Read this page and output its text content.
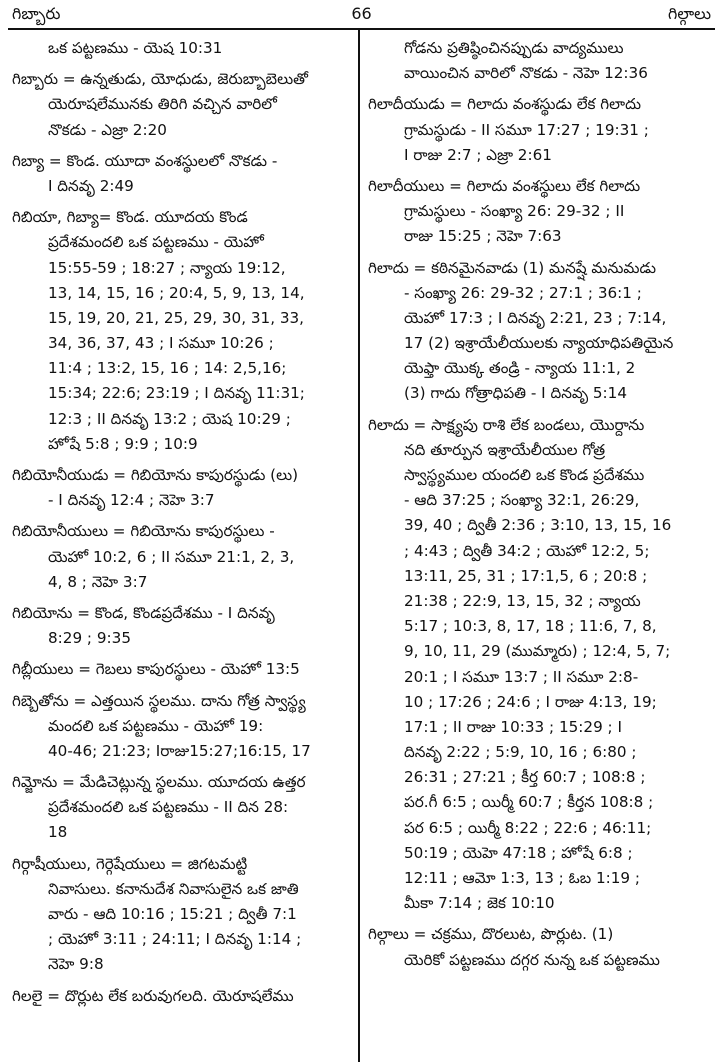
గిబ్బారు	66	గిల్గాలు
ఒక పట్టణము - యెష 10:31
గిబ్బారు = ఉన్నతుడు, యోధుడు, జెరుబ్బాబెలుతో
యెరూషలేమునకు తిరిగి వచ్చిన వారిలో
నొకడు - ఎజ్రా 2:20
గిబ్యా = కొండ. యూదా వంశస్థులలో నొకడు -
I దినవృ 2:49
గిబియా, గిబ్యా= కొండ. యూదయ కొండ
ప్రదేశమందలి ఒక పట్టణము - యెహో
15:55-59 ; 18:27 ; న్యాయ 19:12,
13, 14, 15, 16 ; 20:4, 5, 9, 13, 14,
15, 19, 20, 21, 25, 29, 30, 31, 33,
34, 36, 37, 43 ; I సమూ 10:26 ;
11:4 ; 13:2, 15, 16 ; 14: 2,5,16;
15:34; 22:6; 23:19 ; I దినవృ 11:31;
12:3 ; II దినవృ 13:2 ; యెష 10:29 ;
హోషే 5:8 ; 9:9 ; 10:9
గిబియోనీయుడు = గిబియోను కాపురస్థుడు (లు)
- I దినవృ 12:4 ; నెహె 3:7
గిబియోనీయులు = గిబియోను కాపురస్థులు -
యెహో 10:2, 6 ; II సమూ 21:1, 2, 3,
4, 8 ; నెహె 3:7
గిబియోను = కొండ, కొండప్రదేశము - I దినవృ
8:29 ; 9:35
గిబ్లీయులు = గెబలు కాపురస్థులు - యెహో 13:5
గిబ్బెతోను = ఎత్తయిన స్థలము. దాను గోత్ర స్వాస్థ్య
మందలి ఒక పట్టణము - యెహో 19:
40-46; 21:23; Iరాజు15:27;16:15, 17
గిమ్జోను = మేడిచెట్లున్న స్థలము. యూదయ ఉత్తర
ప్రదేశమందలి ఒక పట్టణము - II దిన 28:
18
గిర్గాషీయులు, గెర్గెషేయులు = జిగటమట్టి
నివాసులు. కనానుదేశ నివాసులైన ఒక జాతి
వారు - ఆది 10:16 ; 15:21 ; ద్వితీ 7:1
; యెహో 3:11 ; 24:11; I దినవృ 1:14 ;
నెహె 9:8
గిలలై = దొర్లుట లేక బరువుగలది. యెరూషలేము
గోడను ప్రతిష్ఠించినప్పుడు వాద్యములు
వాయించిన వారిలో నొకడు - నెహె 12:36
గిలాదీయుడు = గిలాదు వంశస్థుడు లేక గిలాదు
గ్రామస్థుడు - II సమూ 17:27 ; 19:31 ;
I రాజు 2:7 ; ఎజ్రా 2:61
గిలాదీయులు = గిలాదు వంశస్థులు లేక గిలాదు
గ్రామస్థులు - సంఖ్యా 26: 29-32 ; II
రాజు 15:25 ; నెహె 7:63
గిలాదు = కఠినమైనవాడు (1) మనష్షే మనుమడు
- సంఖ్యా 26: 29-32 ; 27:1 ; 36:1 ;
యెహో 17:3 ; I దినవృ 2:21, 23 ; 7:14,
17 (2) ఇశ్రాయేలీయులకు న్యాయాధిపతియైన
యెఫ్తా యొక్క తండ్రి - న్యాయ 11:1, 2
(3) గాదు గోత్రాధిపతి - I దినవృ 5:14
గిలాదు = సాక్ష్యపు రాశి లేక బండలు, యొర్దాను
నది తూర్పున ఇశ్రాయేలీయుల గోత్ర
స్వాస్థ్యముల యందలి ఒక కొండ ప్రదేశము
- ఆది 37:25 ; సంఖ్యా 32:1, 26:29,
39, 40 ; ద్వితీ 2:36 ; 3:10, 13, 15, 16
; 4:43 ; ద్వితీ 34:2 ; యెహో 12:2, 5;
13:11, 25, 31 ; 17:1,5, 6 ; 20:8 ;
21:38 ; 22:9, 13, 15, 32 ; న్యాయ
5:17 ; 10:3, 8, 17, 18 ; 11:6, 7, 8,
9, 10, 11, 29 (ముమ్మారు) ; 12:4, 5, 7;
20:1 ; I సమూ 13:7 ; II సమూ 2:8-
10 ; 17:26 ; 24:6 ; I రాజు 4:13, 19;
17:1 ; II రాజు 10:33 ; 15:29 ; I
దినవృ 2:22 ; 5:9, 10, 16 ; 6:80 ;
26:31 ; 27:21 ; కీర్త 60:7 ; 108:8 ;
పర.గీ 6:5 ; యిర్మీ 60:7 ; కీర్తన 108:8 ;
పర 6:5 ; యిర్మీ 8:22 ; 22:6 ; 46:11;
50:19 ; యెహె 47:18 ; హోషే 6:8 ;
12:11 ; ఆమో 1:3, 13 ; ఓబ 1:19 ;
మీకా 7:14 ; జెక 10:10
గిల్గాలు = చక్రము, దొరలుట, పొర్లుట. (1)
యెరికో పట్టణము దగ్గర నున్న ఒక పట్టణము
